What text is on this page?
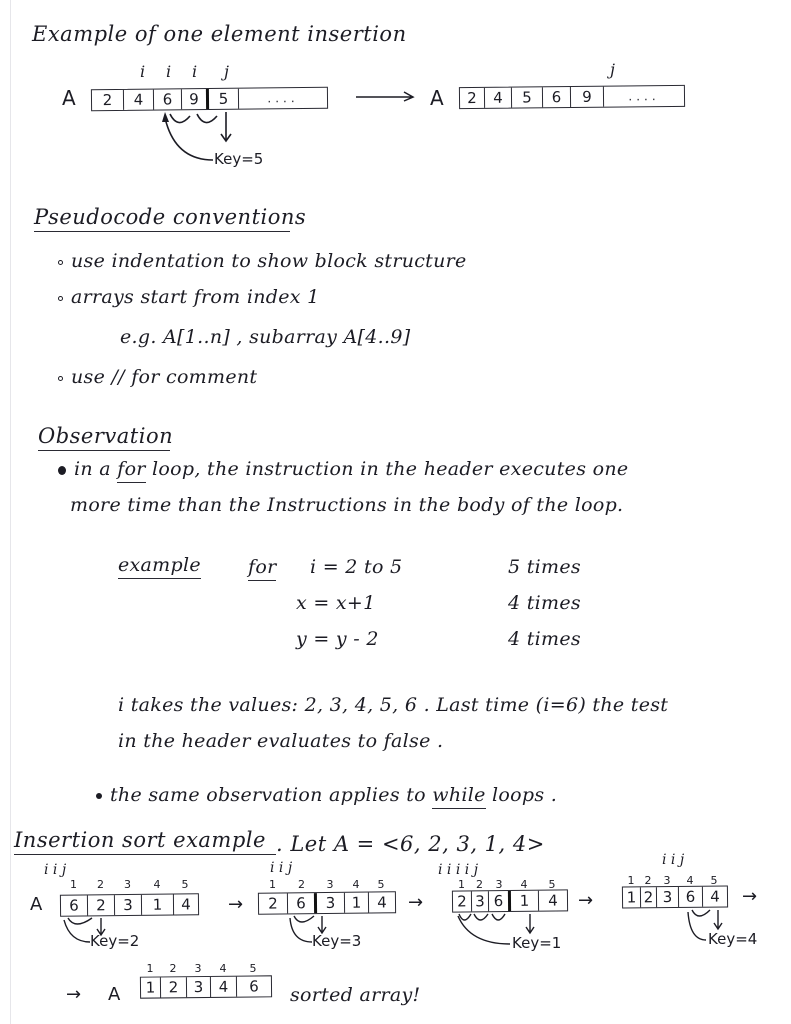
Example of one element insertion
i i i j
A	2	4	6	9	5	....
Key=5
j
A	2	4	5	6	9	....
Pseudocode conventions
use indentation to show block structure
arrays start from index 1
e.g. A[1..n] , subarray A[4..9]
use // for comment
Observation
in a for loop, the instruction in the header executes one
more time than the Instructions in the body of the loop.
example for i = 2 to 5	5 times
x = x+1	4 times
y = y - 2	4 times
i takes the values: 2, 3, 4, 5, 6 . Last time (i=6) the test
in the header evaluates to false .
the same observation applies to while loops .
Insertion sort example . Let A = <6, 2, 3, 1, 4>
i i j
1	2	3	4	5
A	6	2	3	1	4
Key=2
→
i i j
1	2	3	4	5
2	6	3	1	4
Key=3
→
i i i i j
1	2	3	4	5
2 3 6	1	4
Key=1
→
i i j
1 2	3	4	5
1 2 3 6 4
Key=4
→
→ A
1	2	3	4	5
1 2	3	4	6	sorted array!
